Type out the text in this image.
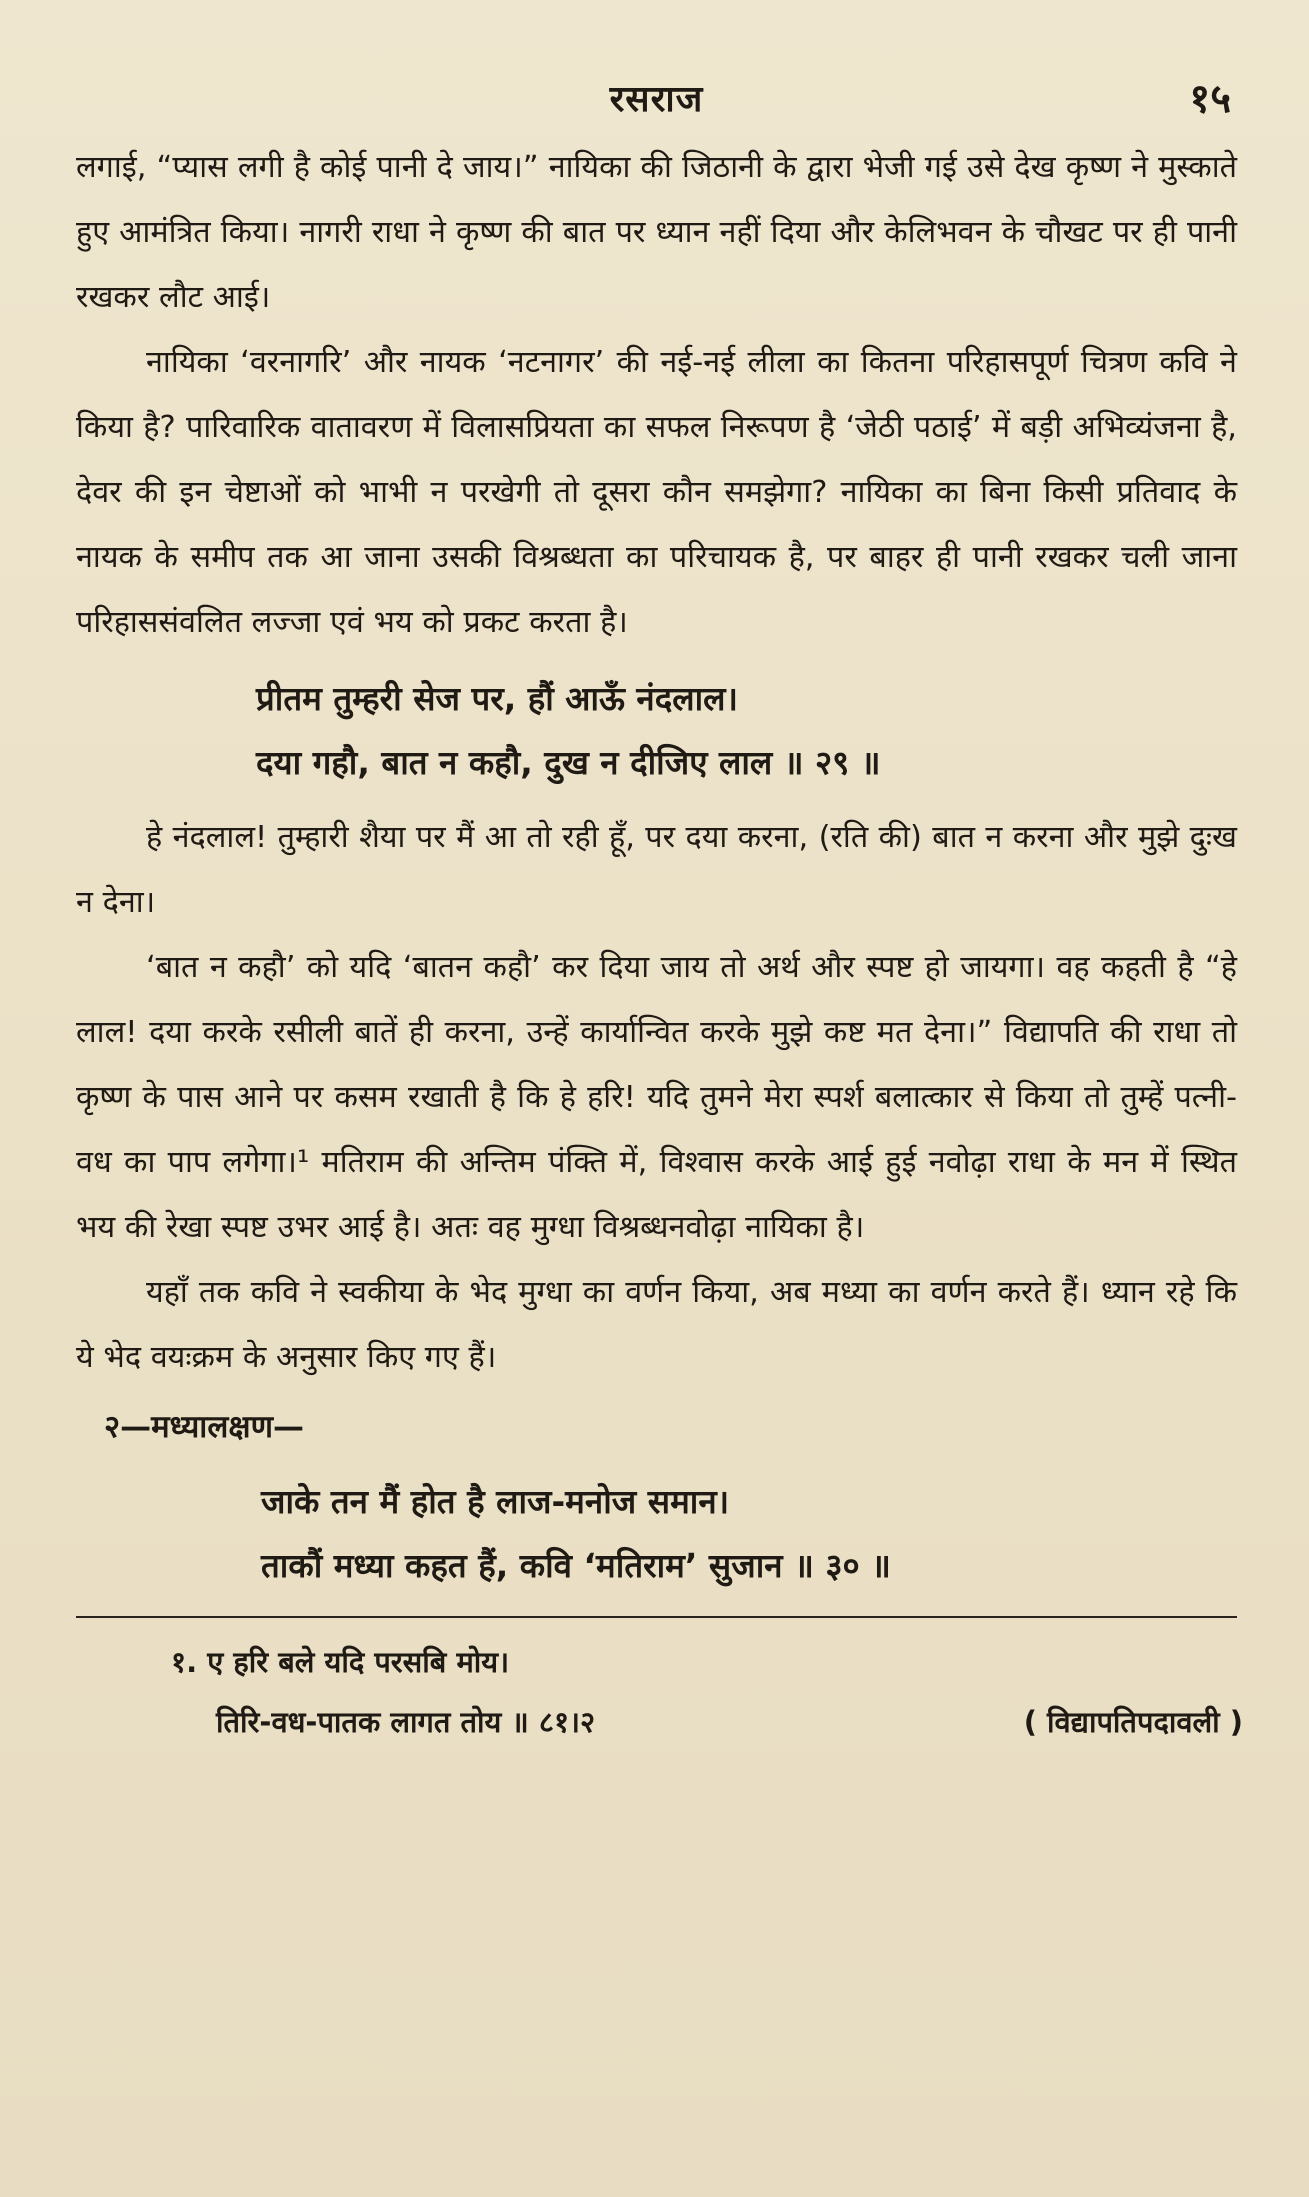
रसराज	१५

लगाई, “प्यास लगी है कोई पानी दे जाय।” नायिका की जिठानी के द्वारा भेजी गई उसे देख कृष्ण ने मुस्काते हुए आमंत्रित किया। नागरी राधा ने कृष्ण की बात पर ध्यान नहीं दिया और केलिभवन के चौखट पर ही पानी रखकर लौट आई।

नायिका ‘वरनागरि’ और नायक ‘नटनागर’ की नई-नई लीला का कितना परिहासपूर्ण चित्रण कवि ने किया है? पारिवारिक वातावरण में विलासप्रियता का सफल निरूपण है ‘जेठी पठाई’ में बड़ी अभिव्यंजना है, देवर की इन चेष्टाओं को भाभी न परखेगी तो दूसरा कौन समझेगा? नायिका का बिना किसी प्रतिवाद के नायक के समीप तक आ जाना उसकी विश्रब्धता का परिचायक है, पर बाहर ही पानी रखकर चली जाना परिहाससंवलित लज्जा एवं भय को प्रकट करता है।

प्रीतम तुम्हरी सेज पर, हौं आऊँ नंदलाल।
दया गहौ, बात न कहौ, दुख न दीजिए लाल ॥ २९ ॥

हे नंदलाल! तुम्हारी शैया पर मैं आ तो रही हूँ, पर दया करना, (रति की) बात न करना और मुझे दुःख न देना।

‘बात न कहौ’ को यदि ‘बातन कहौ’ कर दिया जाय तो अर्थ और स्पष्ट हो जायगा। वह कहती है “हे लाल! दया करके रसीली बातें ही करना, उन्हें कार्यान्वित करके मुझे कष्ट मत देना।” विद्यापति की राधा तो कृष्ण के पास आने पर कसम रखाती है कि हे हरि! यदि तुमने मेरा स्पर्श बलात्कार से किया तो तुम्हें पत्नी-वध का पाप लगेगा।¹ मतिराम की अन्तिम पंक्ति में, विश्वास करके आई हुई नवोढ़ा राधा के मन में स्थित भय की रेखा स्पष्ट उभर आई है। अतः वह मुग्धा विश्रब्धनवोढ़ा नायिका है।

यहाँ तक कवि ने स्वकीया के भेद मुग्धा का वर्णन किया, अब मध्या का वर्णन करते हैं। ध्यान रहे कि ये भेद वयःक्रम के अनुसार किए गए हैं।

२—मध्यालक्षण—
जाके तन मैं होत है लाज-मनोज समान।
ताकौं मध्या कहत हैं, कवि ‘मतिराम’ सुजान ॥ ३० ॥
१. ए हरि बले यदि परसबि मोय।
तिरि-वध-पातक लागत तोय ॥ ८१।२	( विद्यापतिपदावली )
